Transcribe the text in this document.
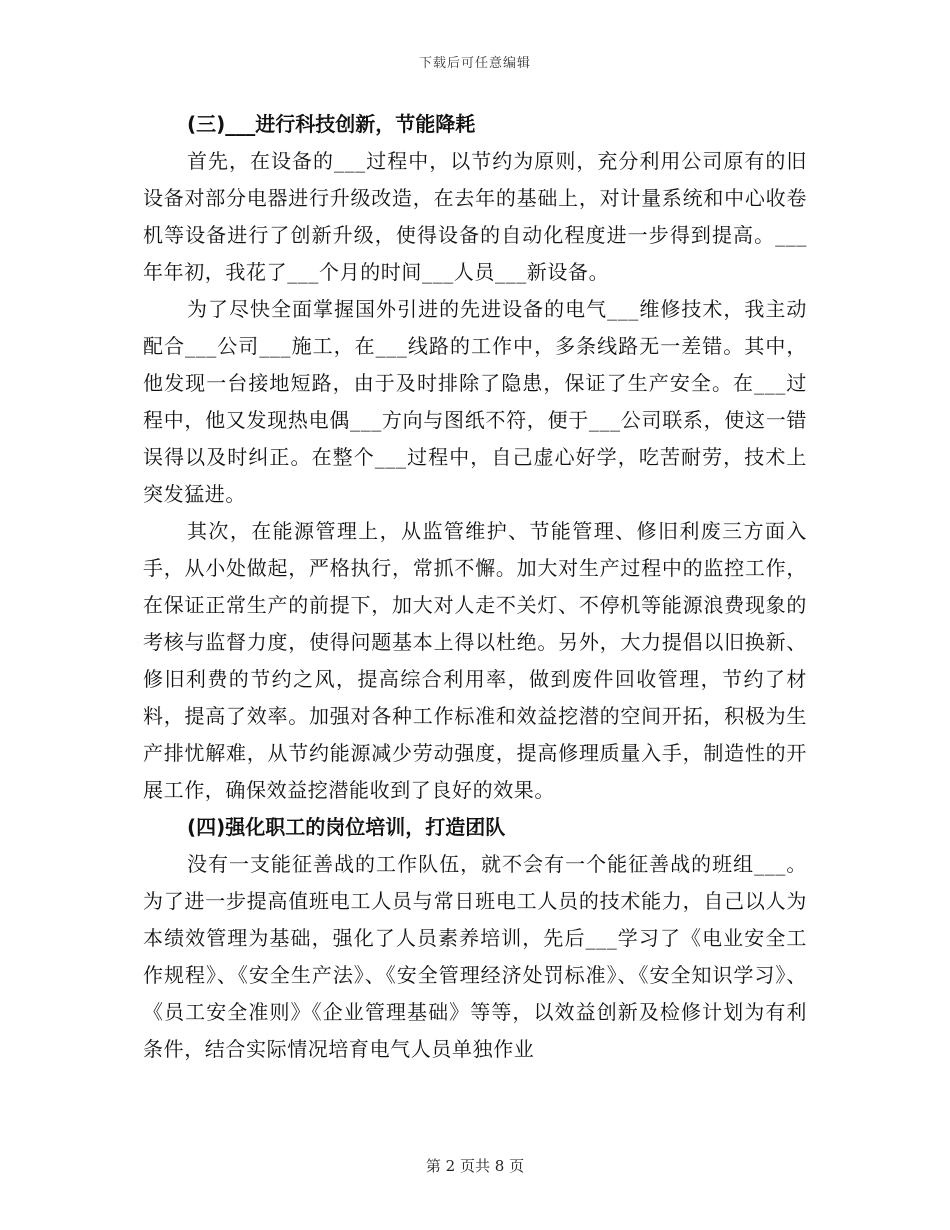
下载后可任意编辑
(三)___进行科技创新，节能降耗

首先，在设备的___过程中，以节约为原则，充分利用公司原有的旧设备对部分电器进行升级改造，在去年的基础上，对计量系统和中心收卷机等设备进行了创新升级，使得设备的自动化程度进一步得到提高。___年年初，我花了___个月的时间___人员___新设备。

为了尽快全面掌握国外引进的先进设备的电气___维修技术，我主动配合___公司___施工，在___线路的工作中，多条线路无一差错。其中，他发现一台接地短路，由于及时排除了隐患，保证了生产安全。在___过程中，他又发现热电偶___方向与图纸不符，便于___公司联系，使这一错误得以及时纠正。在整个___过程中，自己虚心好学，吃苦耐劳，技术上突发猛进。

其次，在能源管理上，从监管维护、节能管理、修旧利废三方面入手，从小处做起，严格执行，常抓不懈。加大对生产过程中的监控工作，在保证正常生产的前提下，加大对人走不关灯、不停机等能源浪费现象的考核与监督力度，使得问题基本上得以杜绝。另外，大力提倡以旧换新、修旧利费的节约之风，提高综合利用率，做到废件回收管理，节约了材料，提高了效率。加强对各种工作标准和效益挖潜的空间开拓，积极为生产排忧解难，从节约能源减少劳动强度，提高修理质量入手，制造性的开展工作，确保效益挖潜能收到了良好的效果。

(四)强化职工的岗位培训，打造团队

没有一支能征善战的工作队伍，就不会有一个能征善战的班组___。为了进一步提高值班电工人员与常日班电工人员的技术能力，自己以人为本绩效管理为基础，强化了人员素养培训，先后___学习了《电业安全工作规程》、《安全生产法》、《安全管理经济处罚标准》、《安全知识学习》、《员工安全准则》《企业管理基础》等等，以效益创新及检修计划为有利条件，结合实际情况培育电气人员单独作业

第 2 页共 8 页
